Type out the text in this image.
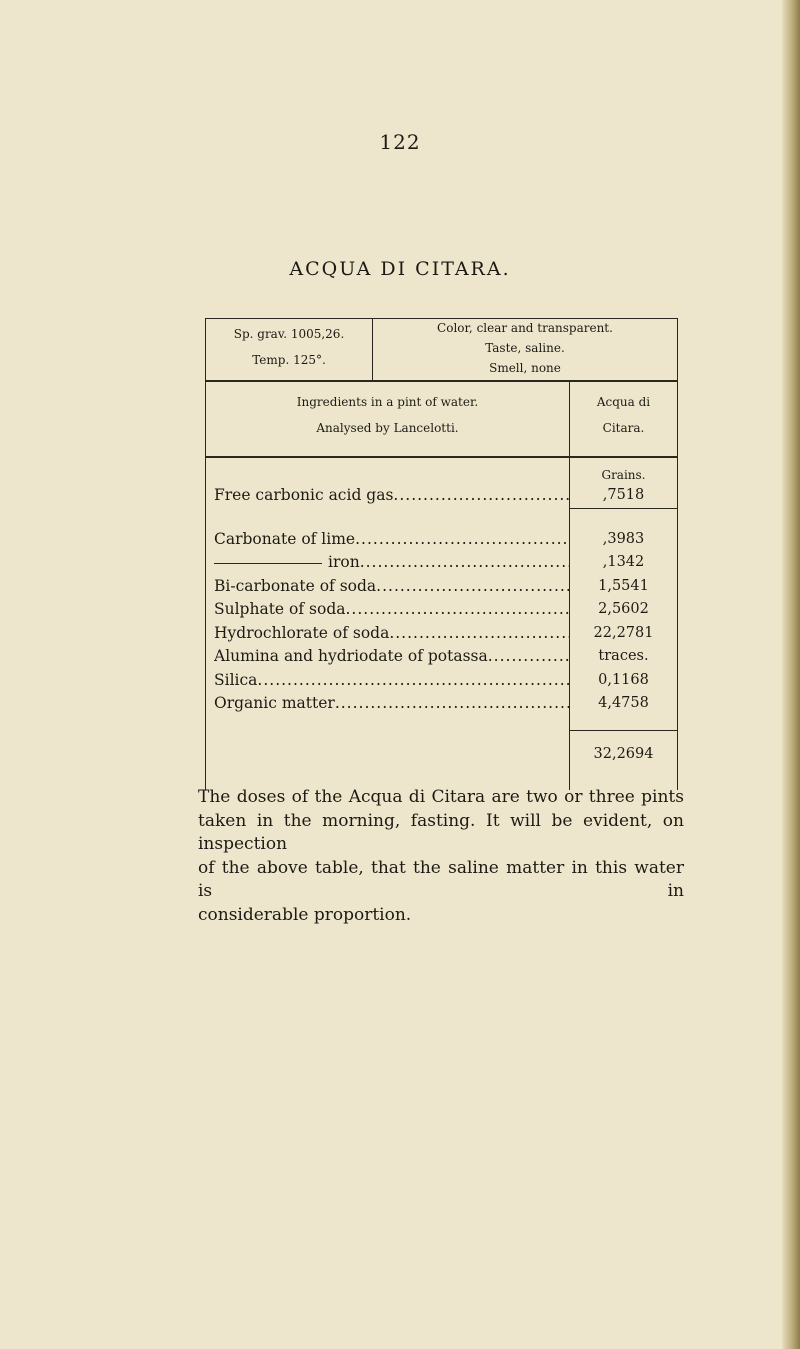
122
ACQUA DI CITARA.
Sp. grav. 1005,26.
Temp. 125°.
Color, clear and transparent.
Taste, saline.
Smell, none
Ingredients in a pint of water.
Analysed by Lancelotti.
Acqua di
Citara.
Free carbonic acid gas .....
Carbonate of lime .....
iron .....
Bi-carbonate of soda .....
Sulphate of soda .....
Hydrochlorate of soda .....
Alumina and hydriodate of potassa .....
Silica .....
Organic matter .....
Grains.
,7518
,3983
,1342
1,5541
2,5602
22,2781
traces.
0,1168
4,4758
32,2694
The doses of the Acqua di Citara are two or three pints
taken in the morning, fasting. It will be evident, on inspection
of the above table, that the saline matter in this water is in
considerable proportion.
